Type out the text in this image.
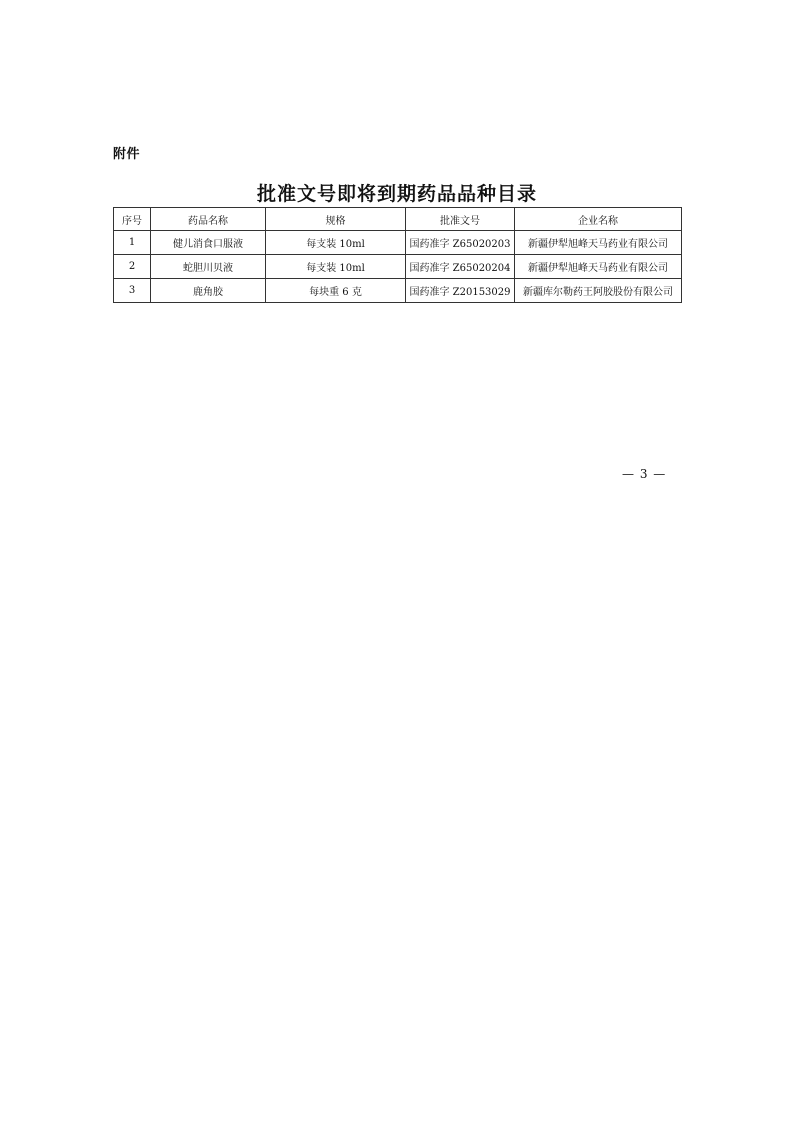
附件
批准文号即将到期药品品种目录
序号	药品名称	规格	批准文号	企业名称
1	健儿消食口服液	每支装 10ml	国药准字 Z65020203	新疆伊犁旭峰天马药业有限公司
2	蛇胆川贝液	每支装 10ml	国药准字 Z65020204	新疆伊犁旭峰天马药业有限公司
3	鹿角胶	每块重 6 克	国药准字 Z20153029	新疆库尔勒药王阿胶股份有限公司
— 3 —
